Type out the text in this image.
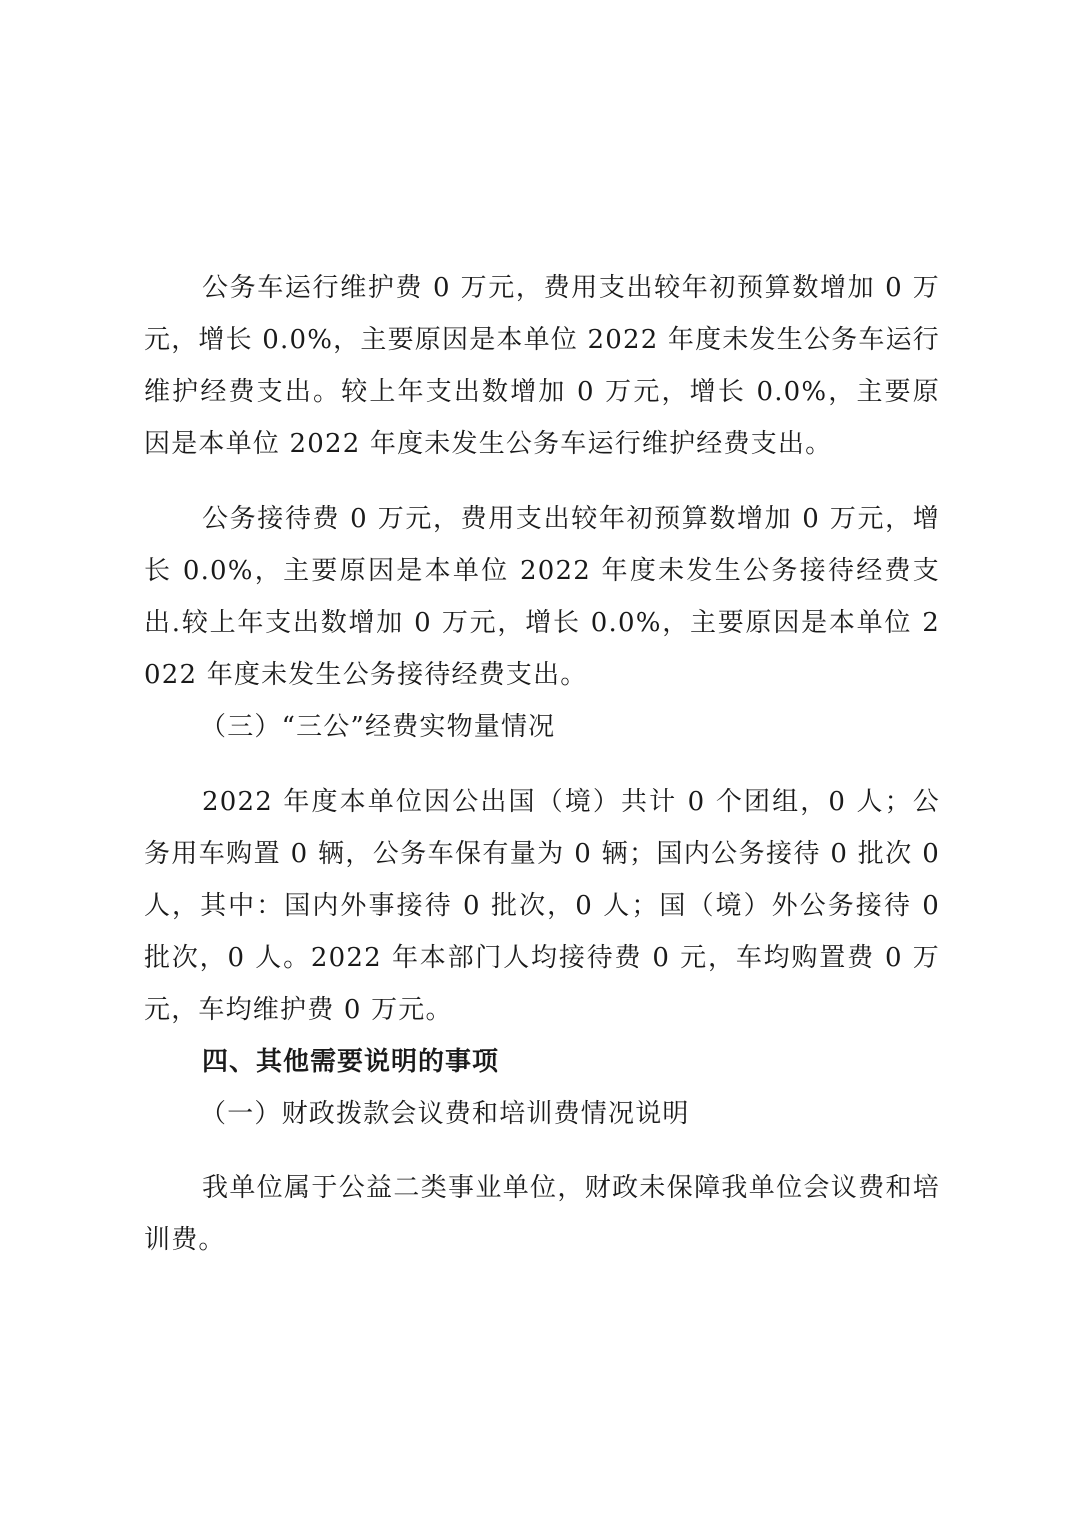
公务车运行维护费 0 万元，费用支出较年初预算数增加 0 万元，增长 0.0%，主要原因是本单位 2022 年度未发生公务车运行维护经费支出。较上年支出数增加 0 万元，增长 0.0%，主要原因是本单位 2022 年度未发生公务车运行维护经费支出。

公务接待费 0 万元，费用支出较年初预算数增加 0 万元，增长 0.0%，主要原因是本单位 2022 年度未发生公务接待经费支出.较上年支出数增加 0 万元，增长 0.0%，主要原因是本单位 2022 年度未发生公务接待经费支出。

（三）“三公”经费实物量情况

2022 年度本单位因公出国（境）共计 0 个团组，0 人；公务用车购置 0 辆，公务车保有量为 0 辆；国内公务接待 0 批次 0 人，其中：国内外事接待 0 批次，0 人；国（境）外公务接待 0 批次，0 人。2022 年本部门人均接待费 0 元，车均购置费 0 万元，车均维护费 0 万元。

四、其他需要说明的事项

（一）财政拨款会议费和培训费情况说明

我单位属于公益二类事业单位，财政未保障我单位会议费和培训费。
